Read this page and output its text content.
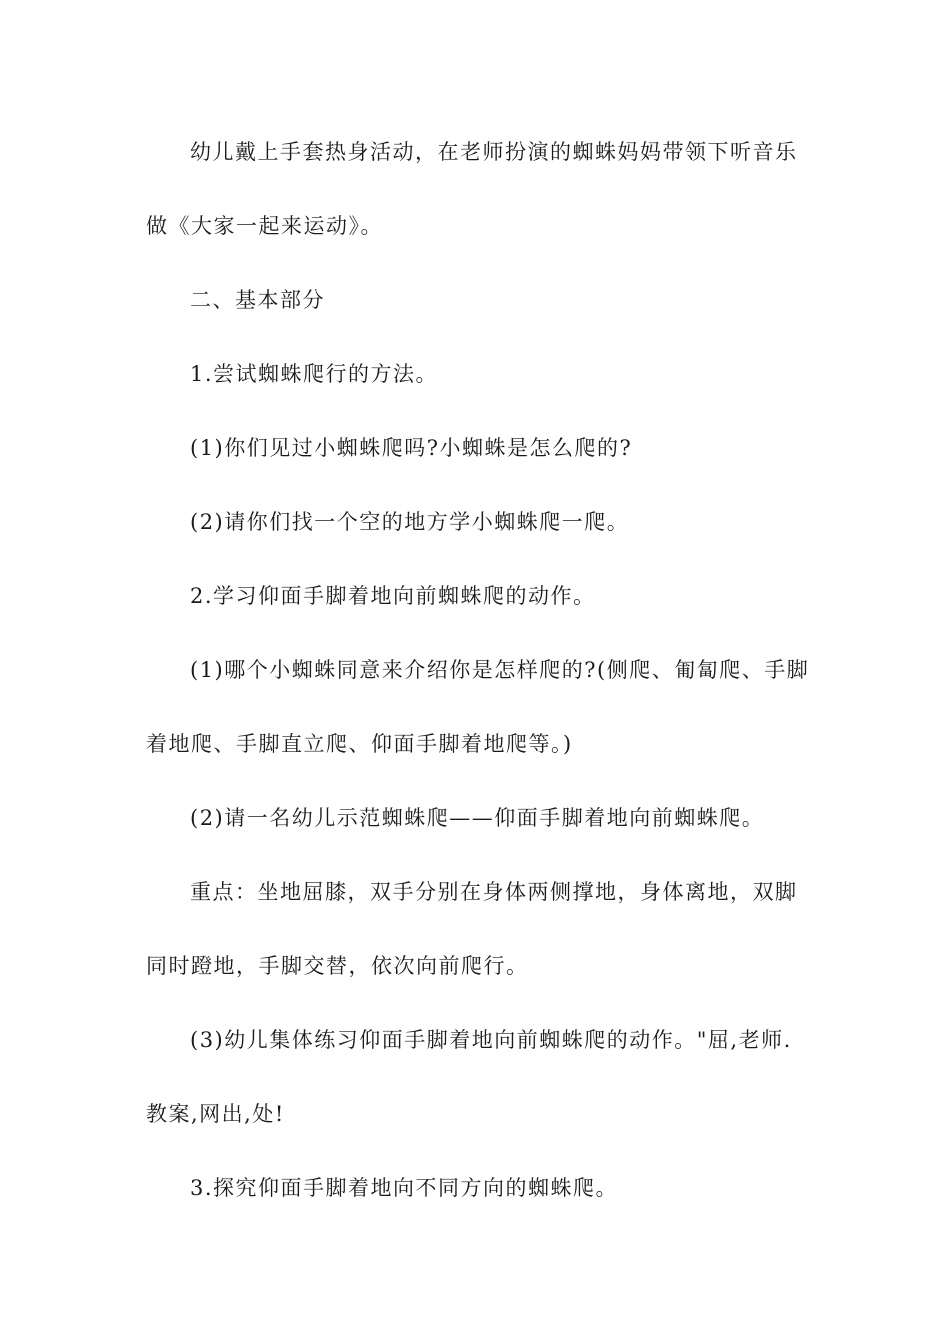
幼儿戴上手套热身活动，在老师扮演的蜘蛛妈妈带领下听音乐
做《大家一起来运动》。
二、基本部分
1.尝试蜘蛛爬行的方法。
(1)你们见过小蜘蛛爬吗?小蜘蛛是怎么爬的?
(2)请你们找一个空的地方学小蜘蛛爬一爬。
2.学习仰面手脚着地向前蜘蛛爬的动作。
(1)哪个小蜘蛛同意来介绍你是怎样爬的?(侧爬、匍匐爬、手脚
着地爬、手脚直立爬、仰面手脚着地爬等。)
(2)请一名幼儿示范蜘蛛爬——仰面手脚着地向前蜘蛛爬。
重点：坐地屈膝，双手分别在身体两侧撑地，身体离地，双脚
同时蹬地，手脚交替，依次向前爬行。
(3)幼儿集体练习仰面手脚着地向前蜘蛛爬的动作。"屈,老师.
教案,网出,处!
3.探究仰面手脚着地向不同方向的蜘蛛爬。
